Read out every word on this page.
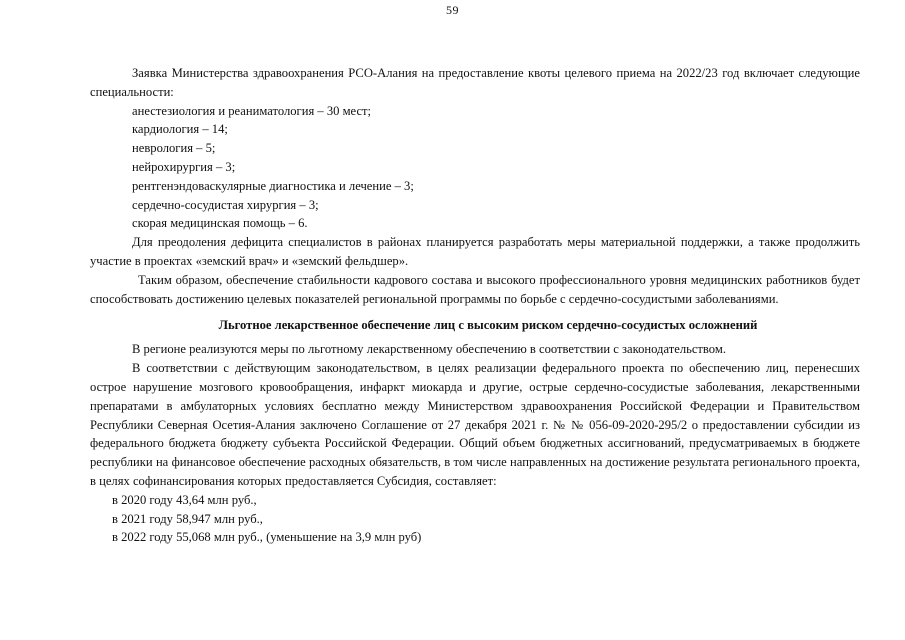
59

Заявка Министерства здравоохранения РСО-Алания на предоставление квоты целевого приема на 2022/23 год включает следующие специальности:

анестезиология и реаниматология – 30 мест;
кардиология – 14;
неврология – 5;
нейрохирургия – 3;
рентгенэндоваскулярные диагностика и лечение – 3;
сердечно-сосудистая хирургия – 3;
скорая медицинская помощь – 6.

Для преодоления дефицита специалистов в районах планируется разработать меры материальной поддержки, а также продолжить участие в проектах «земский врач» и «земский фельдшер».

Таким образом, обеспечение стабильности кадрового состава и высокого профессионального уровня медицинских работников будет способствовать достижению целевых показателей региональной программы по борьбе с сердечно-сосудистыми заболеваниями.

Льготное лекарственное обеспечение лиц с высоким риском сердечно-сосудистых осложнений

В регионе реализуются меры по льготному лекарственному обеспечению в соответствии с законодательством.

В соответствии с действующим законодательством, в целях реализации федерального проекта по обеспечению лиц, перенесших острое нарушение мозгового кровообращения, инфаркт миокарда и другие, острые сердечно-сосудистые заболевания, лекарственными препаратами в амбулаторных условиях бесплатно между Министерством здравоохранения Российской Федерации и Правительством Республики Северная Осетия-Алания заключено Соглашение от 27 декабря 2021 г. № № 056-09-2020-295/2 о предоставлении субсидии из федерального бюджета бюджету субъекта Российской Федерации. Общий объем бюджетных ассигнований, предусматриваемых в бюджете республики на финансовое обеспечение расходных обязательств, в том числе направленных на достижение результата регионального проекта, в целях софинансирования которых предоставляется Субсидия, составляет:

в 2020 году 43,64 млн руб.,
в 2021 году 58,947 млн руб.,
в 2022 году 55,068 млн руб., (уменьшение на 3,9 млн руб)
